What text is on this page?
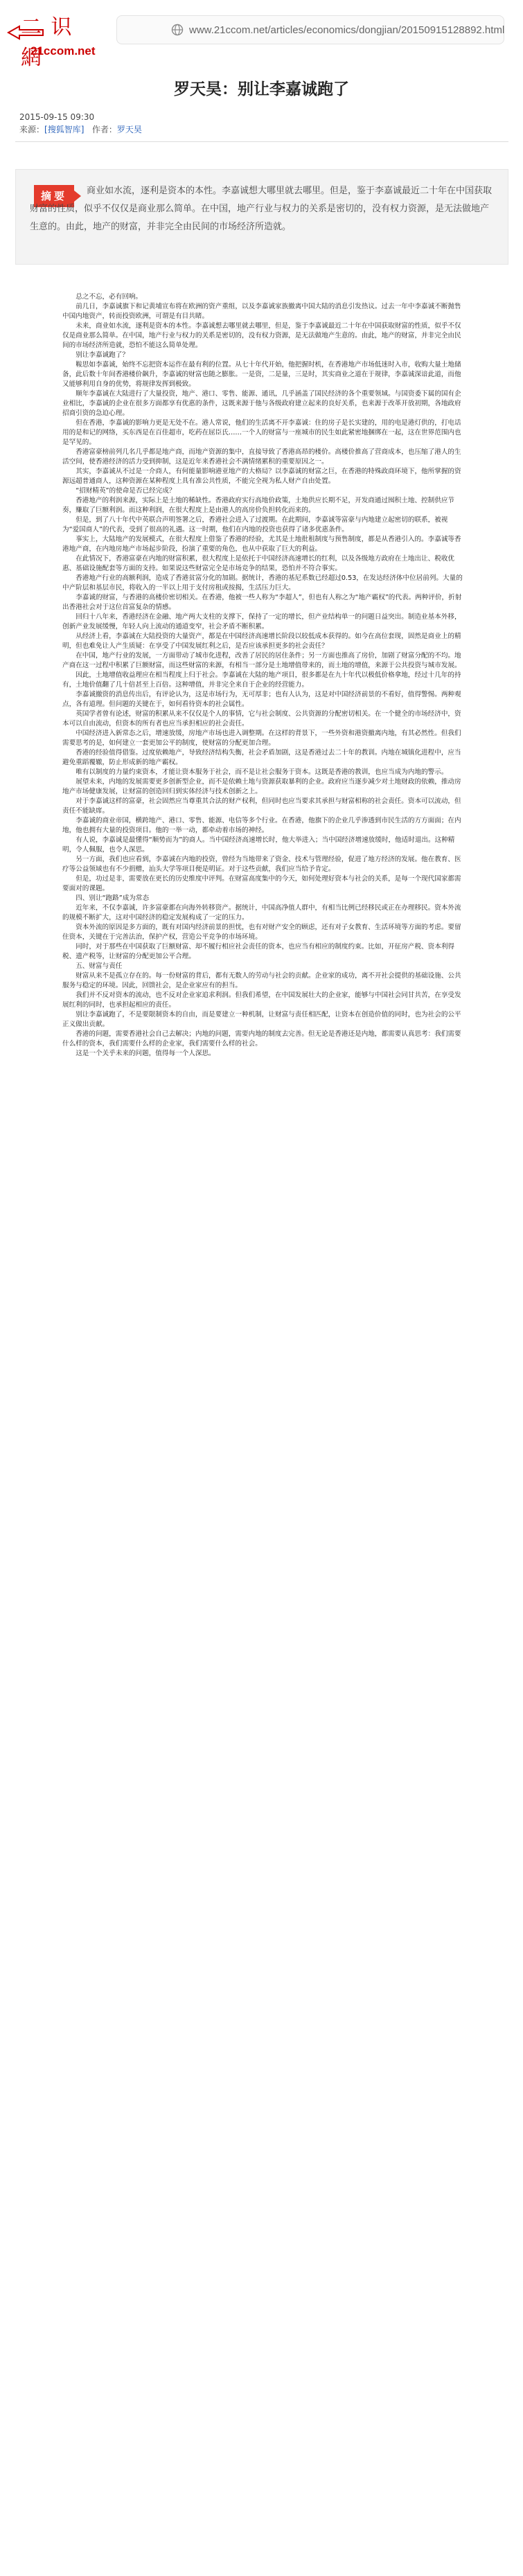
二 识 網
21ccom.net
www.21ccom.net/articles/economics/dongjian/20150915128892.html
罗天昊：别让李嘉诚跑了
2015-09-15 09:30
来源：[搜狐智库] 作者：罗天昊
摘要	商业如水流，逐利是资本的本性。李嘉诚想大哪里就去哪里。但是，鉴于李嘉诚最近二十年在中国获取财富的性质，似乎不仅仅是商业那么简单。在中国，地产行业与权力的关系是密切的，没有权力资源，是无法做地产生意的。由此，地产的财富，并非完全由民间的市场经济所造就。

总之不忘，必有回响。

前几日，李嘉诚旗下和记黄埔宣布将在欧洲的资产重组，以及李嘉诚家族撤离中国大陆的消息引发热议。过去一年中李嘉诚不断抛售中国内地资产，转而投资欧洲，可谓是有目共睹。

未来，商业如水流，逐利是资本的本性。李嘉诚想去哪里就去哪里，但是，鉴于李嘉诚最近二十年在中国获取财富的性质，似乎不仅仅是商业那么简单。在中国，地产行业与权力的关系是密切的，没有权力资源，是无法做地产生意的。由此，地产的财富，并非完全由民间的市场经济所造就，恐怕不能这么简单处理。

别让李嘉诚跑了？

鞍思如李嘉诚，始终不忘把资本运作在最有利的位置。从七十年代开始，他把握时机，在香港地产市场低迷时入市，收购大量土地储备，此后数十年间香港楼价飙升，李嘉诚的财富也随之膨胀。一是资，二是量，三是时，其实商业之道在于规律，李嘉诚深谙此道，而他又能够利用自身的优势，将规律发挥到极致。

顺年李嘉诚在大陆进行了大量投资，地产、港口、零售、能源、通讯，几乎涵盖了国民经济的各个重要领域。与国资委下属的国有企业相比，李嘉诚的企业在很多方面都享有优惠的条件，这既来源于他与各级政府建立起来的良好关系，也来源于改革开放初期，各地政府招商引资的急迫心理。

但在香港，李嘉诚的影响力更是无处不在。港人常说，他们的生活离不开李嘉诚：住的房子是长实建的，用的电是港灯供的，打电话用的是和记的网络，买东西是在百佳超市，吃药在屈臣氏……一个人的财富与一座城市的民生如此紧密地捆绑在一起，这在世界范围内也是罕见的。

香港富豪榜前列几名几乎都是地产商，而地产资源的集中，直接导致了香港高昂的楼价。高楼价推高了营商成本，也压缩了港人的生活空间，使香港经济的活力受到抑制，这是近年来香港社会不满情绪累积的重要原因之一。

其实，李嘉诚从不过是一介商人，有何能量影响港亚地产的大格局？以李嘉诚的财富之巨，在香港的特殊政商环境下，他所掌握的资源远超普通商人，这种资源在某种程度上具有准公共性质，不能完全视为私人财产自由处置。

“招财精英”的使命是否已经完成？

香港地产的利润来源，实际上是土地的稀缺性。香港政府实行高地价政策，土地供应长期不足，开发商通过囤积土地、控制供应节奏，赚取了巨额利润。而这种利润，在很大程度上是由港人的高房价负担转化而来的。

但是，到了八十年代中英联合声明签署之后，香港社会进入了过渡期。在此期间，李嘉诚等富豪与内地建立起密切的联系，被视为“爱国商人”的代表，受到了很高的礼遇。这一时期，他们在内地的投资也获得了诸多优惠条件。

事实上，大陆地产的发展模式，在很大程度上借鉴了香港的经验，尤其是土地批租制度与预售制度，都是从香港引入的。李嘉诚等香港地产商，在内地房地产市场起步阶段，扮演了重要的角色，也从中获取了巨大的利益。

在此情况下，香港富豪在内地的财富积累，很大程度上是依托于中国经济高速增长的红利，以及各级地方政府在土地出让、税收优惠、基础设施配套等方面的支持。如果说这些财富完全是市场竞争的结果，恐怕并不符合事实。

香港地产行业的高额利润，造成了香港贫富分化的加剧。据统计，香港的基尼系数已经超过0.53，在发达经济体中位居前列。大量的中产阶层和基层市民，将收入的一半以上用于支付房租或按揭，生活压力巨大。

李嘉诚的财富，与香港的高楼价密切相关。在香港，他被一些人称为“李超人”，但也有人称之为“地产霸权”的代表。两种评价，折射出香港社会对于这位首富复杂的情感。

回归十八年来，香港经济在金融、地产两大支柱的支撑下，保持了一定的增长，但产业结构单一的问题日益突出。制造业基本外移，创新产业发展缓慢，年轻人向上流动的通道变窄，社会矛盾不断积累。

从经济上看，李嘉诚在大陆投资的大量资产，都是在中国经济高速增长阶段以较低成本获得的。如今在高位套现，固然是商业上的精明，但也难免让人产生质疑：在享受了中国发展红利之后，是否应该承担更多的社会责任？

在中国，地产行业的发展，一方面带动了城市化进程，改善了居民的居住条件；另一方面也推高了房价，加剧了财富分配的不均。地产商在这一过程中积累了巨额财富，而这些财富的来源，有相当一部分是土地增值带来的，而土地的增值，来源于公共投资与城市发展。

因此，土地增值收益理应在相当程度上归于社会。李嘉诚在大陆的地产项目，很多都是在九十年代以极低价格拿地，经过十几年的持有，土地价值翻了几十倍甚至上百倍。这种增值，并非完全来自于企业的经营能力。

李嘉诚撤资的消息传出后，有评论认为，这是市场行为，无可厚非；也有人认为，这是对中国经济前景的不看好，值得警惕。两种观点，各有道理。但问题的关键在于，如何看待资本的社会属性。

英国学者曾有论述，财富的积累从来不仅仅是个人的事情，它与社会制度、公共资源的分配密切相关。在一个健全的市场经济中，资本可以自由流动，但资本的所有者也应当承担相应的社会责任。

中国经济进入新常态之后，增速放缓，房地产市场也进入调整期。在这样的背景下，一些外资和港资撤离内地，有其必然性。但我们需要思考的是，如何建立一套更加公平的制度，使财富的分配更加合理。

香港的经验值得借鉴。过度依赖地产，导致经济结构失衡，社会矛盾加剧，这是香港过去二十年的教训。内地在城镇化进程中，应当避免重蹈覆辙，防止形成新的地产霸权。

唯有以制度的力量约束资本，才能让资本服务于社会，而不是让社会服务于资本。这既是香港的教训，也应当成为内地的警示。

展望未来，内地的发展需要更多创新型企业，而不是依赖土地与资源获取暴利的企业。政府应当逐步减少对土地财政的依赖，推动房地产市场健康发展，让财富的创造回归到实体经济与技术创新之上。

对于李嘉诚这样的富豪，社会固然应当尊重其合法的财产权利，但同时也应当要求其承担与财富相称的社会责任。资本可以流动，但责任不能缺席。

李嘉诚的商业帝国，横跨地产、港口、零售、能源、电信等多个行业。在香港，他旗下的企业几乎渗透到市民生活的方方面面；在内地，他也拥有大量的投资项目。他的一举一动，都牵动着市场的神经。

有人说，李嘉诚是最懂得“顺势而为”的商人。当中国经济高速增长时，他大举进入；当中国经济增速放缓时，他适时退出。这种精明，令人佩服，也令人深思。

另一方面，我们也应看到，李嘉诚在内地的投资，曾经为当地带来了资金、技术与管理经验，促进了地方经济的发展。他在教育、医疗等公益领域也有不少捐赠，汕头大学等项目便是明证。对于这些贡献，我们应当给予肯定。

但是，功过是非，需要放在更长的历史维度中评判。在财富高度集中的今天，如何处理好资本与社会的关系，是每一个现代国家都需要面对的课题。

四、别让“跑路”成为常态

近年来，不仅李嘉诚，许多富豪都在向海外转移资产。据统计，中国高净值人群中，有相当比例已经移民或正在办理移民。资本外流的规模不断扩大，这对中国经济的稳定发展构成了一定的压力。

资本外流的原因是多方面的，既有对国内经济前景的担忧，也有对财产安全的顾虑，还有对子女教育、生活环境等方面的考虑。要留住资本，关键在于完善法治，保护产权，营造公平竞争的市场环境。

同时，对于那些在中国获取了巨额财富、却不履行相应社会责任的资本，也应当有相应的制度约束。比如，开征房产税、资本利得税、遗产税等，让财富的分配更加公平合理。

五、财富与责任

财富从来不是孤立存在的。每一份财富的背后，都有无数人的劳动与社会的贡献。企业家的成功，离不开社会提供的基础设施、公共服务与稳定的环境。因此，回馈社会，是企业家应有的担当。

我们并不反对资本的流动，也不反对企业家追求利润。但我们希望，在中国发展壮大的企业家，能够与中国社会同甘共苦，在享受发展红利的同时，也承担起相应的责任。

别让李嘉诚跑了，不是要限制资本的自由，而是要建立一种机制，让财富与责任相匹配，让资本在创造价值的同时，也为社会的公平正义做出贡献。

香港的问题，需要香港社会自己去解决；内地的问题，需要内地的制度去完善。但无论是香港还是内地，都需要认真思考：我们需要什么样的资本，我们需要什么样的企业家，我们需要什么样的社会。

这是一个关乎未来的问题，值得每一个人深思。
